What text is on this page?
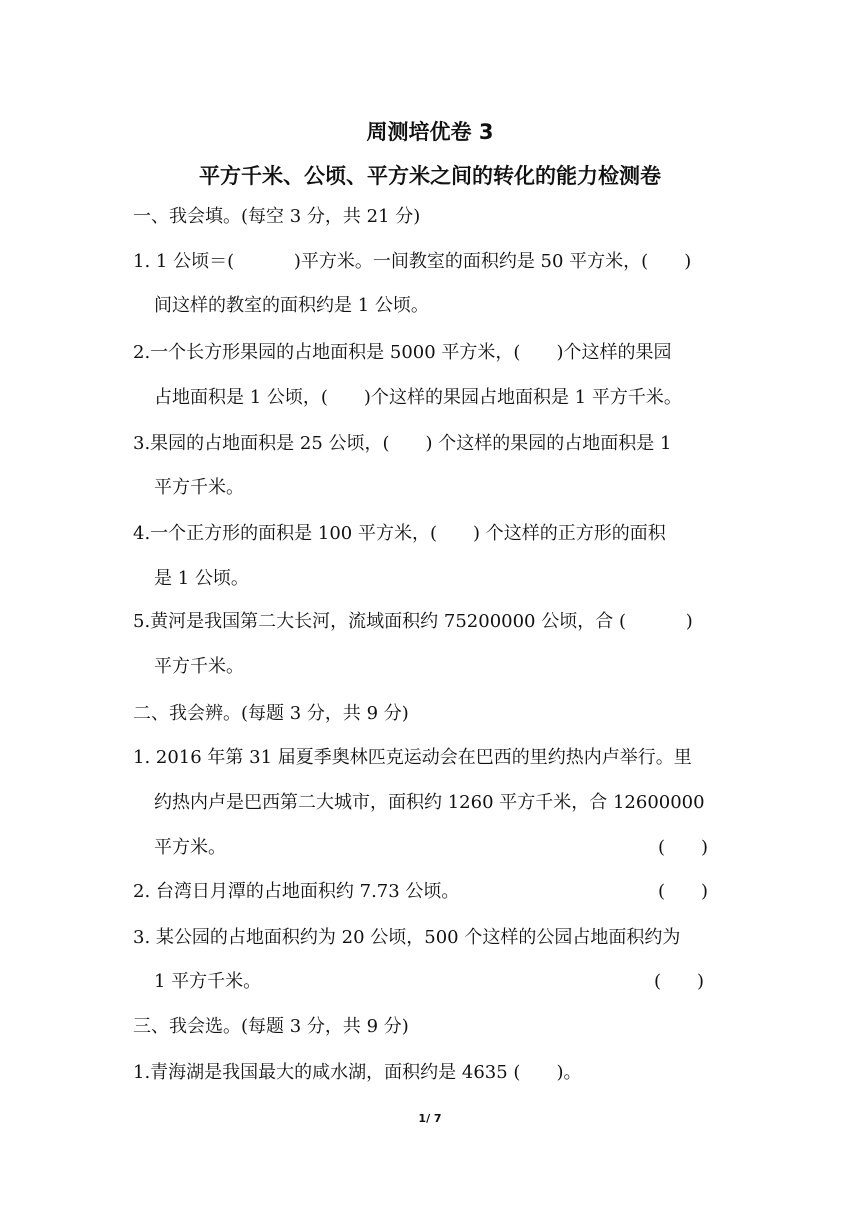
周测培优卷 3
平方千米、公顷、平方米之间的转化的能力检测卷
一、我会填。(每空 3 分，共 21 分)
1. 1 公顷＝(　　　 )平方米。一间教室的面积约是 50 平方米，(　　)
间这样的教室的面积约是 1 公顷。
2.一个长方形果园的占地面积是 5000 平方米，(　　)个这样的果园
占地面积是 1 公顷，(　　)个这样的果园占地面积是 1 平方千米。
3.果园的占地面积是 25 公顷，(　　) 个这样的果园的占地面积是 1
平方千米。
4.一个正方形的面积是 100 平方米，(　　) 个这样的正方形的面积
是 1 公顷。
5.黄河是我国第二大长河，流域面积约 75200000 公顷，合 (　　　 )
平方千米。
二、我会辨。(每题 3 分，共 9 分)
1. 2016 年第 31 届夏季奥林匹克运动会在巴西的里约热内卢举行。里
约热内卢是巴西第二大城市，面积约 1260 平方千米，合 12600000
平方米。	(　　)
2. 台湾日月潭的占地面积约 7.73 公顷。	(　　)
3. 某公园的占地面积约为 20 公顷，500 个这样的公园占地面积约为
1 平方千米。	(　　)
三、我会选。(每题 3 分，共 9 分)
1.青海湖是我国最大的咸水湖，面积约是 4635 (　　)。
1/ 7
